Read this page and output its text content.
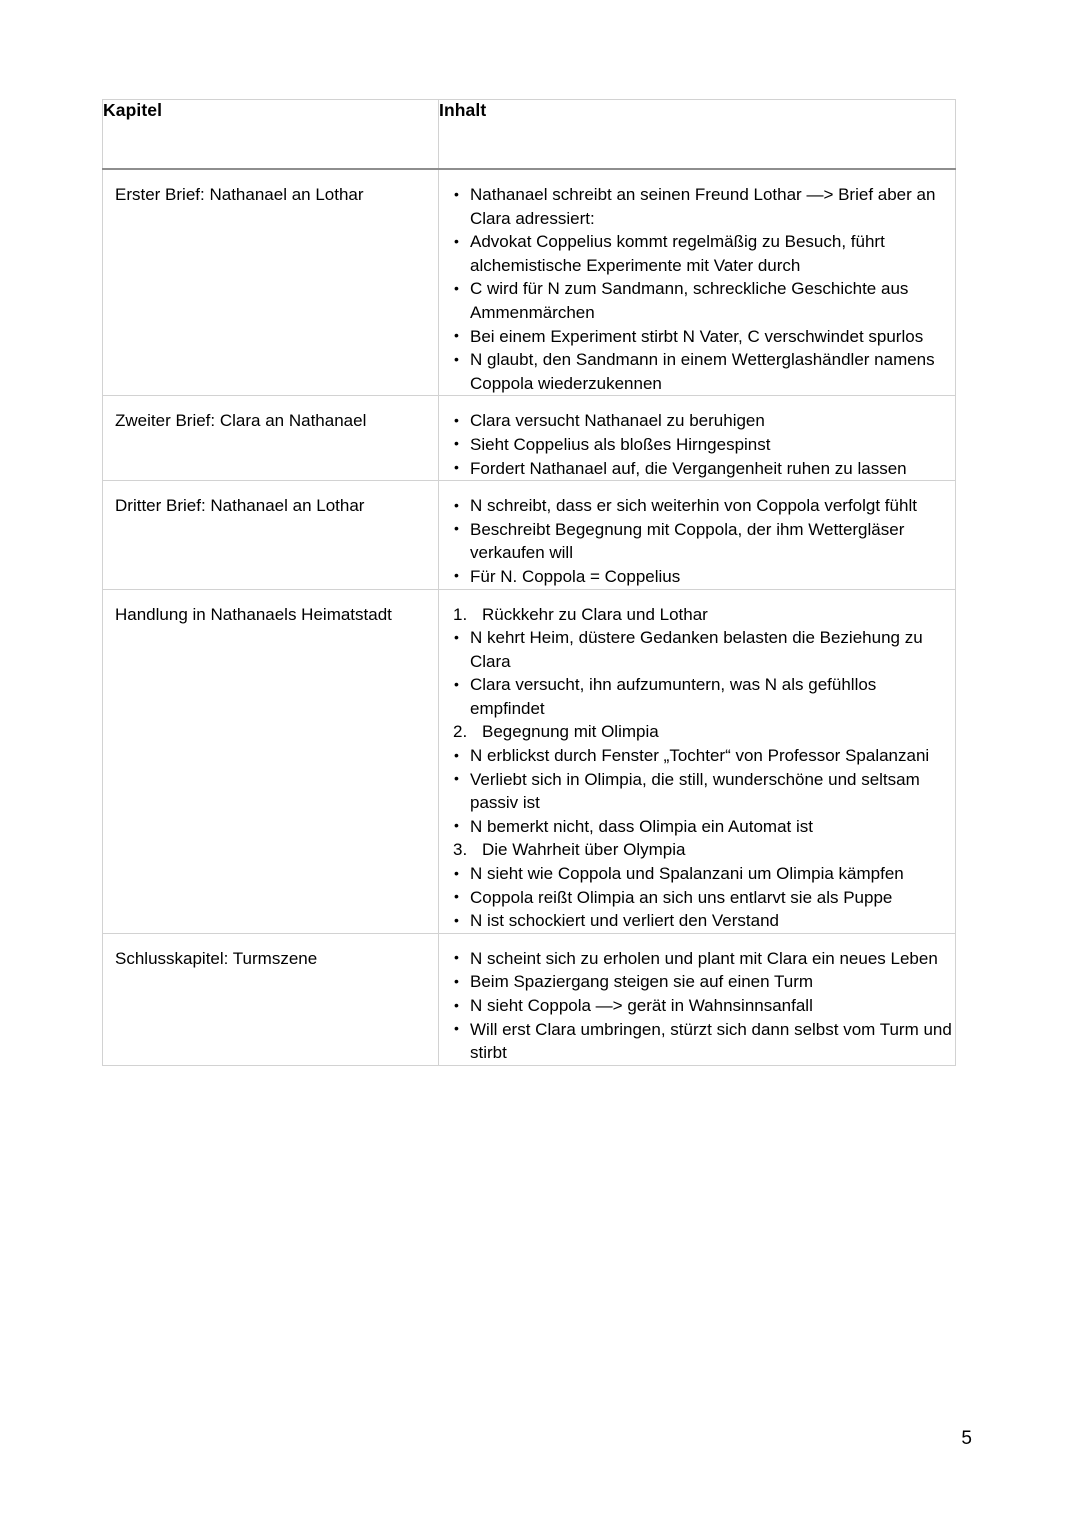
Kapitel	Inhalt
Erster Brief: Nathanael an Lothar	
•Nathanael schreibt an seinen Freund Lothar —> Brief aber an Clara adressiert:
• Advokat Coppelius kommt regelmäßig zu Besuch, führt alchemistische Experimente mit Vater durch
• C wird für N zum Sandmann, schreckliche Geschichte aus Ammenmärchen
• Bei einem Experiment stirbt N Vater, C verschwindet spurlos
• N glaubt, den Sandmann in einem Wetterglashändler namens Coppola wiederzukennen

Zweiter Brief: Clara an Nathanael	
•Clara versucht Nathanael zu beruhigen
• Sieht Coppelius als bloßes Hirngespinst
• Fordert Nathanael auf, die Vergangenheit ruhen zu lassen

Dritter Brief: Nathanael an Lothar	
•N schreibt, dass er sich weiterhin von Coppola verfolgt fühlt
• Beschreibt Begegnung mit Coppola, der ihm Wettergläser verkaufen will
• Für N. Coppola = Coppelius

Handlung in Nathanaels Heimatstadt	1. Rückkehr zu Clara und Lothar
• N kehrt Heim, düstere Gedanken belasten die Beziehung zu Clara
• Clara versucht, ihn aufzumuntern, was N als gefühllos empfindet
2. Begegnung mit Olimpia
• N erblickst durch Fenster „Tochter“ von Professor Spalanzani
• Verliebt sich in Olimpia, die still, wunderschöne und seltsam passiv ist
• N bemerkt nicht, dass Olimpia ein Automat ist
3. Die Wahrheit über Olympia
• N sieht wie Coppola und Spalanzani um Olimpia kämpfen
• Coppola reißt Olimpia an sich uns entlarvt sie als Puppe
• N ist schockiert und verliert den Verstand

Schlusskapitel: Turmszene	
•N scheint sich zu erholen und plant mit Clara ein neues Leben
• Beim Spaziergang steigen sie auf einen Turm
• N sieht Coppola —> gerät in Wahnsinnsanfall
• Will erst Clara umbringen, stürzt sich dann selbst vom Turm und stirbt
5
